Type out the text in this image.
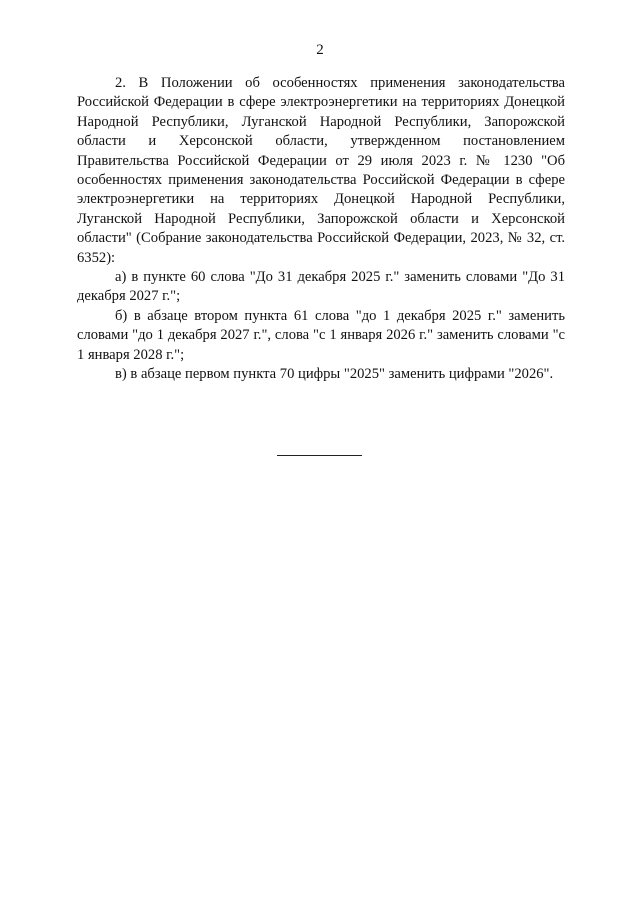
2

2. В Положении об особенностях применения законодательства Российской Федерации в сфере электроэнергетики на территориях Донецкой Народной Республики, Луганской Народной Республики, Запорожской области и Херсонской области, утвержденном постановлением Правительства Российской Федерации от 29 июля 2023 г. № 1230 "Об особенностях применения законодательства Российской Федерации в сфере электроэнергетики на территориях Донецкой Народной Республики, Луганской Народной Республики, Запорожской области и Херсонской области" (Собрание законодательства Российской Федерации, 2023, № 32, ст. 6352):

а) в пункте 60 слова "До 31 декабря 2025 г." заменить словами "До 31 декабря 2027 г.";

б) в абзаце втором пункта 61 слова "до 1 декабря 2025 г." заменить словами "до 1 декабря 2027 г.", слова "с 1 января 2026 г." заменить словами "с 1 января 2028 г.";

в) в абзаце первом пункта 70 цифры "2025" заменить цифрами "2026".
